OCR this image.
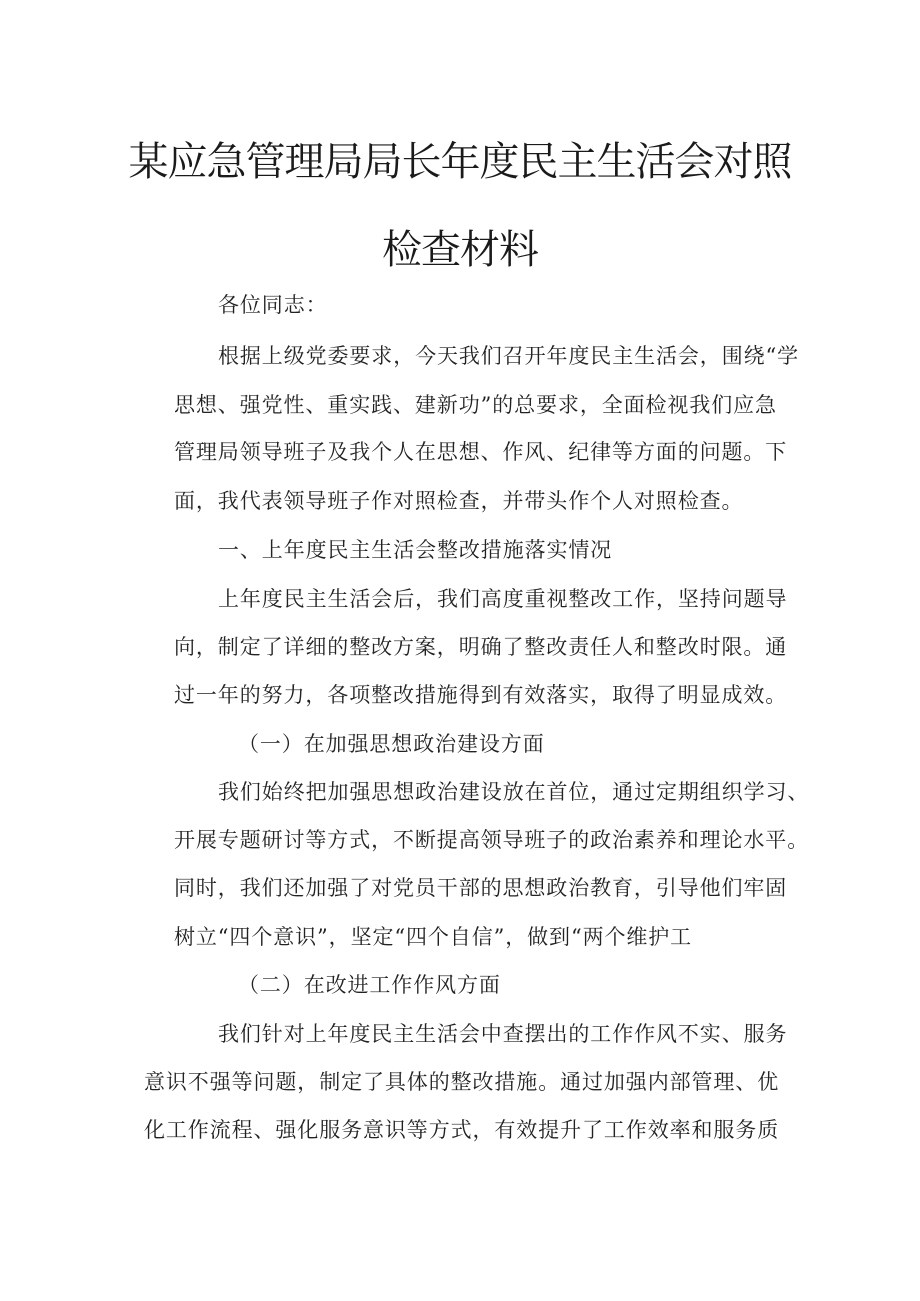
某应急管理局局长年度民主生活会对照
检查材料
各位同志：
根据上级党委要求，今天我们召开年度民主生活会，围绕“学
思想、强党性、重实践、建新功”的总要求，全面检视我们应急
管理局领导班子及我个人在思想、作风、纪律等方面的问题。下
面，我代表领导班子作对照检查，并带头作个人对照检查。
一、上年度民主生活会整改措施落实情况
上年度民主生活会后，我们高度重视整改工作，坚持问题导
向，制定了详细的整改方案，明确了整改责任人和整改时限。通
过一年的努力，各项整改措施得到有效落实，取得了明显成效。
（一）在加强思想政治建设方面
我们始终把加强思想政治建设放在首位，通过定期组织学习、
开展专题研讨等方式，不断提高领导班子的政治素养和理论水平。
同时，我们还加强了对党员干部的思想政治教育，引导他们牢固
树立“四个意识”，坚定“四个自信”，做到“两个维护工
（二）在改进工作作风方面
我们针对上年度民主生活会中查摆出的工作作风不实、服务
意识不强等问题，制定了具体的整改措施。通过加强内部管理、优
化工作流程、强化服务意识等方式，有效提升了工作效率和服务质
